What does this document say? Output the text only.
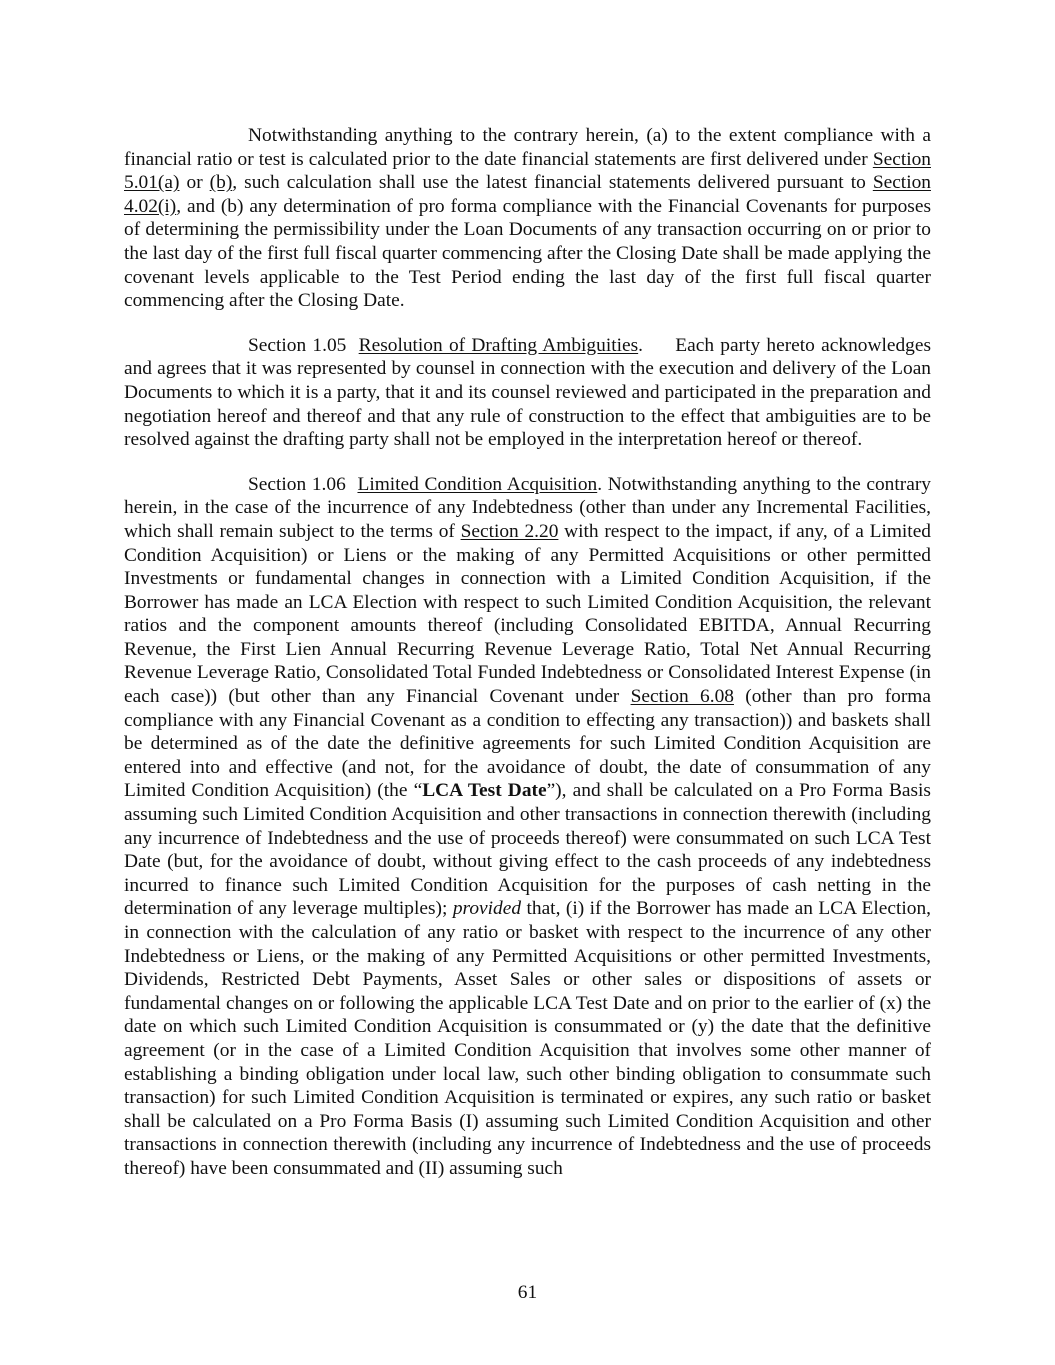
Notwithstanding anything to the contrary herein, (a) to the extent compliance with a financial ratio or test is calculated prior to the date financial statements are first delivered under Section 5.01(a) or (b), such calculation shall use the latest financial statements delivered pursuant to Section 4.02(i), and (b) any determination of pro forma compliance with the Financial Covenants for purposes of determining the permissibility under the Loan Documents of any transaction occurring on or prior to the last day of the first full fiscal quarter commencing after the Closing Date shall be made applying the covenant levels applicable to the Test Period ending the last day of the first full fiscal quarter commencing after the Closing Date.

Section 1.05 Resolution of Drafting Ambiguities. Each party hereto acknowledges and agrees that it was represented by counsel in connection with the execution and delivery of the Loan Documents to which it is a party, that it and its counsel reviewed and participated in the preparation and negotiation hereof and thereof and that any rule of construction to the effect that ambiguities are to be resolved against the drafting party shall not be employed in the interpretation hereof or thereof.

Section 1.06 Limited Condition Acquisition. Notwithstanding anything to the contrary herein, in the case of the incurrence of any Indebtedness (other than under any Incremental Facilities, which shall remain subject to the terms of Section 2.20 with respect to the impact, if any, of a Limited Condition Acquisition) or Liens or the making of any Permitted Acquisitions or other permitted Investments or fundamental changes in connection with a Limited Condition Acquisition, if the Borrower has made an LCA Election with respect to such Limited Condition Acquisition, the relevant ratios and the component amounts thereof (including Consolidated EBITDA, Annual Recurring Revenue, the First Lien Annual Recurring Revenue Leverage Ratio, Total Net Annual Recurring Revenue Leverage Ratio, Consolidated Total Funded Indebtedness or Consolidated Interest Expense (in each case)) (but other than any Financial Covenant under Section 6.08 (other than pro forma compliance with any Financial Covenant as a condition to effecting any transaction)) and baskets shall be determined as of the date the definitive agreements for such Limited Condition Acquisition are entered into and effective (and not, for the avoidance of doubt, the date of consummation of any Limited Condition Acquisition) (the “LCA Test Date”), and shall be calculated on a Pro Forma Basis assuming such Limited Condition Acquisition and other transactions in connection therewith (including any incurrence of Indebtedness and the use of proceeds thereof) were consummated on such LCA Test Date (but, for the avoidance of doubt, without giving effect to the cash proceeds of any indebtedness incurred to finance such Limited Condition Acquisition for the purposes of cash netting in the determination of any leverage multiples); provided that, (i) if the Borrower has made an LCA Election, in connection with the calculation of any ratio or basket with respect to the incurrence of any other Indebtedness or Liens, or the making of any Permitted Acquisitions or other permitted Investments, Dividends, Restricted Debt Payments, Asset Sales or other sales or dispositions of assets or fundamental changes on or following the applicable LCA Test Date and on prior to the earlier of (x) the date on which such Limited Condition Acquisition is consummated or (y) the date that the definitive agreement (or in the case of a Limited Condition Acquisition that involves some other manner of establishing a binding obligation under local law, such other binding obligation to consummate such transaction) for such Limited Condition Acquisition is terminated or expires, any such ratio or basket shall be calculated on a Pro Forma Basis (I) assuming such Limited Condition Acquisition and other transactions in connection therewith (including any incurrence of Indebtedness and the use of proceeds thereof) have been consummated and (II) assuming such

61
